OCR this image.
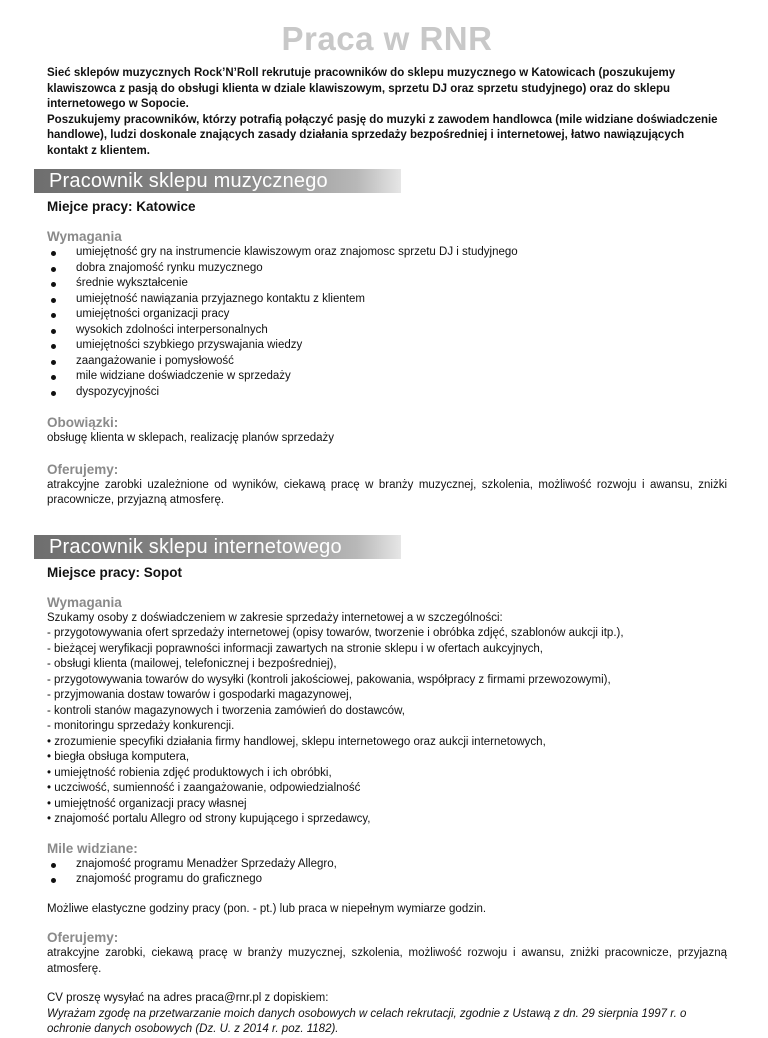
Praca w RNR

Sieć sklepów muzycznych Rock’N’Roll rekrutuje pracowników do sklepu muzycznego w Katowicach (poszukujemy klawiszowca z pasją do obsługi klienta w dziale klawiszowym, sprzetu DJ oraz sprzetu studyjnego) oraz do sklepu internetowego w Sopocie.

Poszukujemy pracowników, którzy potrafią połączyć pasję do muzyki z zawodem handlowca (mile widziane doświadczenie handlowe), ludzi doskonale znających zasady działania sprzedaży bezpośredniej i internetowej, łatwo nawiązujących kontakt z klientem.

Pracownik sklepu muzycznego

Miejce pracy: Katowice

Wymagania

umiejętność gry na instrumencie klawiszowym oraz znajomosc sprzetu DJ i studyjnego
dobra znajomość rynku muzycznego
średnie wykształcenie
umiejętność nawiązania przyjaznego kontaktu z klientem
umiejętności organizacji pracy
wysokich zdolności interpersonalnych
umiejętności szybkiego przyswajania wiedzy
zaangażowanie i pomysłowość
mile widziane doświadczenie w sprzedaży
dyspozycyjności

Obowiązki:

obsługę klienta w sklepach, realizację planów sprzedaży

Oferujemy:

atrakcyjne zarobki uzależnione od wyników, ciekawą pracę w branży muzycznej, szkolenia, możliwość rozwoju i awansu, zniżki pracownicze, przyjazną atmosferę.

Pracownik sklepu internetowego

Miejsce pracy: Sopot

Wymagania

Szukamy osoby z doświadczeniem w zakresie sprzedaży internetowej a w szczególności:
- przygotowywania ofert sprzedaży internetowej (opisy towarów, tworzenie i obróbka zdjęć, szablonów aukcji itp.),
- bieżącej weryfikacji poprawności informacji zawartych na stronie sklepu i w ofertach aukcyjnych,
- obsługi klienta (mailowej, telefonicznej i bezpośredniej),
- przygotowywania towarów do wysyłki (kontroli jakościowej, pakowania, współpracy z firmami przewozowymi),
- przyjmowania dostaw towarów i gospodarki magazynowej,
- kontroli stanów magazynowych i tworzenia zamówień do dostawców,
- monitoringu sprzedaży konkurencji.
• zrozumienie specyfiki działania firmy handlowej, sklepu internetowego oraz aukcji internetowych,
• biegła obsługa komputera,
• umiejętność robienia zdjęć produktowych i ich obróbki,
• uczciwość, sumienność i zaangażowanie, odpowiedzialność
• umiejętność organizacji pracy własnej
• znajomość portalu Allegro od strony kupującego i sprzedawcy,

Mile widziane:

znajomość programu Menadżer Sprzedaży Allegro,
znajomość programu do graficznego

Możliwe elastyczne godziny pracy (pon. - pt.) lub praca w niepełnym wymiarze godzin.

Oferujemy:

atrakcyjne zarobki, ciekawą pracę w branży muzycznej, szkolenia, możliwość rozwoju i awansu, zniżki pracownicze, przyjazną atmosferę.

CV proszę wysyłać na adres praca@rnr.pl z dopiskiem:

Wyrażam zgodę na przetwarzanie moich danych osobowych w celach rekrutacji, zgodnie z Ustawą z dn. 29 sierpnia 1997 r. o ochronie danych osobowych (Dz. U. z 2014 r. poz. 1182).
